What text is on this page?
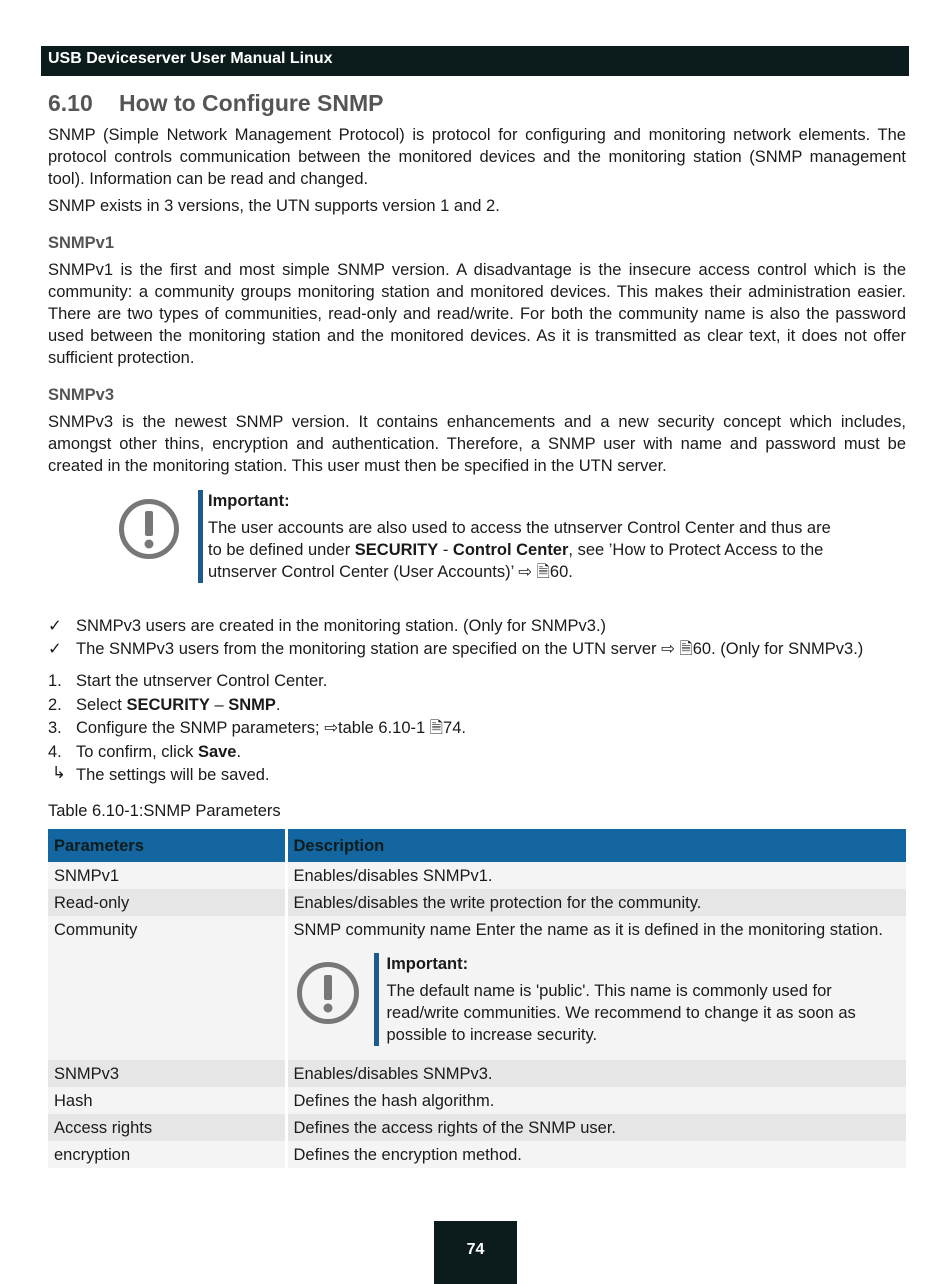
USB Deviceserver User Manual Linux
6.10 How to Configure SNMP

SNMP (Simple Network Management Protocol) is protocol for configuring and monitoring network elements. The protocol controls communication between the monitored devices and the monitoring station (SNMP management tool). Information can be read and changed.

SNMP exists in 3 versions, the UTN supports version 1 and 2.

SNMPv1

SNMPv1 is the first and most simple SNMP version. A disadvantage is the insecure access control which is the community: a community groups monitoring station and monitored devices. This makes their administration easier. There are two types of communities, read-only and read/write. For both the community name is also the password used between the monitoring station and the monitored devices. As it is transmitted as clear text, it does not offer sufficient protection.

SNMPv3

SNMPv3 is the newest SNMP version. It contains enhancements and a new security concept which includes, amongst other thins, encryption and authentication. Therefore, a SNMP user with name and password must be created in the monitoring station. This user must then be specified in the UTN server.

Important:
The user accounts are also used to access the utnserver Control Center and thus are to be defined under SECURITY - Control Center, see ’How to Protect Access to the utnserver Control Center (User Accounts)’ ⇨ 🗎60.
✓ SNMPv3 users are created in the monitoring station. (Only for SNMPv3.)
✓ The SNMPv3 users from the monitoring station are specified on the UTN server ⇨ 🗎60. (Only for SNMPv3.)
1. Start the utnserver Control Center.
2. Select SECURITY – SNMP.
3. Configure the SNMP parameters; ⇨table 6.10-1 🗎74.
4. To confirm, click Save.
↳ The settings will be saved.
Table 6.10-1:SNMP Parameters
Parameters	Description
SNMPv1	Enables/disables SNMPv1.
Read-only	Enables/disables the write protection for the community.
Community	SNMP community name Enter the name as it is defined in the monitoring station.
Important:
The default name is 'public'. This name is commonly used for read/write communities. We recommend to change it as soon as possible to increase security.

SNMPv3	Enables/disables SNMPv3.
Hash	Defines the hash algorithm.
Access rights	Defines the access rights of the SNMP user.
encryption	Defines the encryption method.
74
